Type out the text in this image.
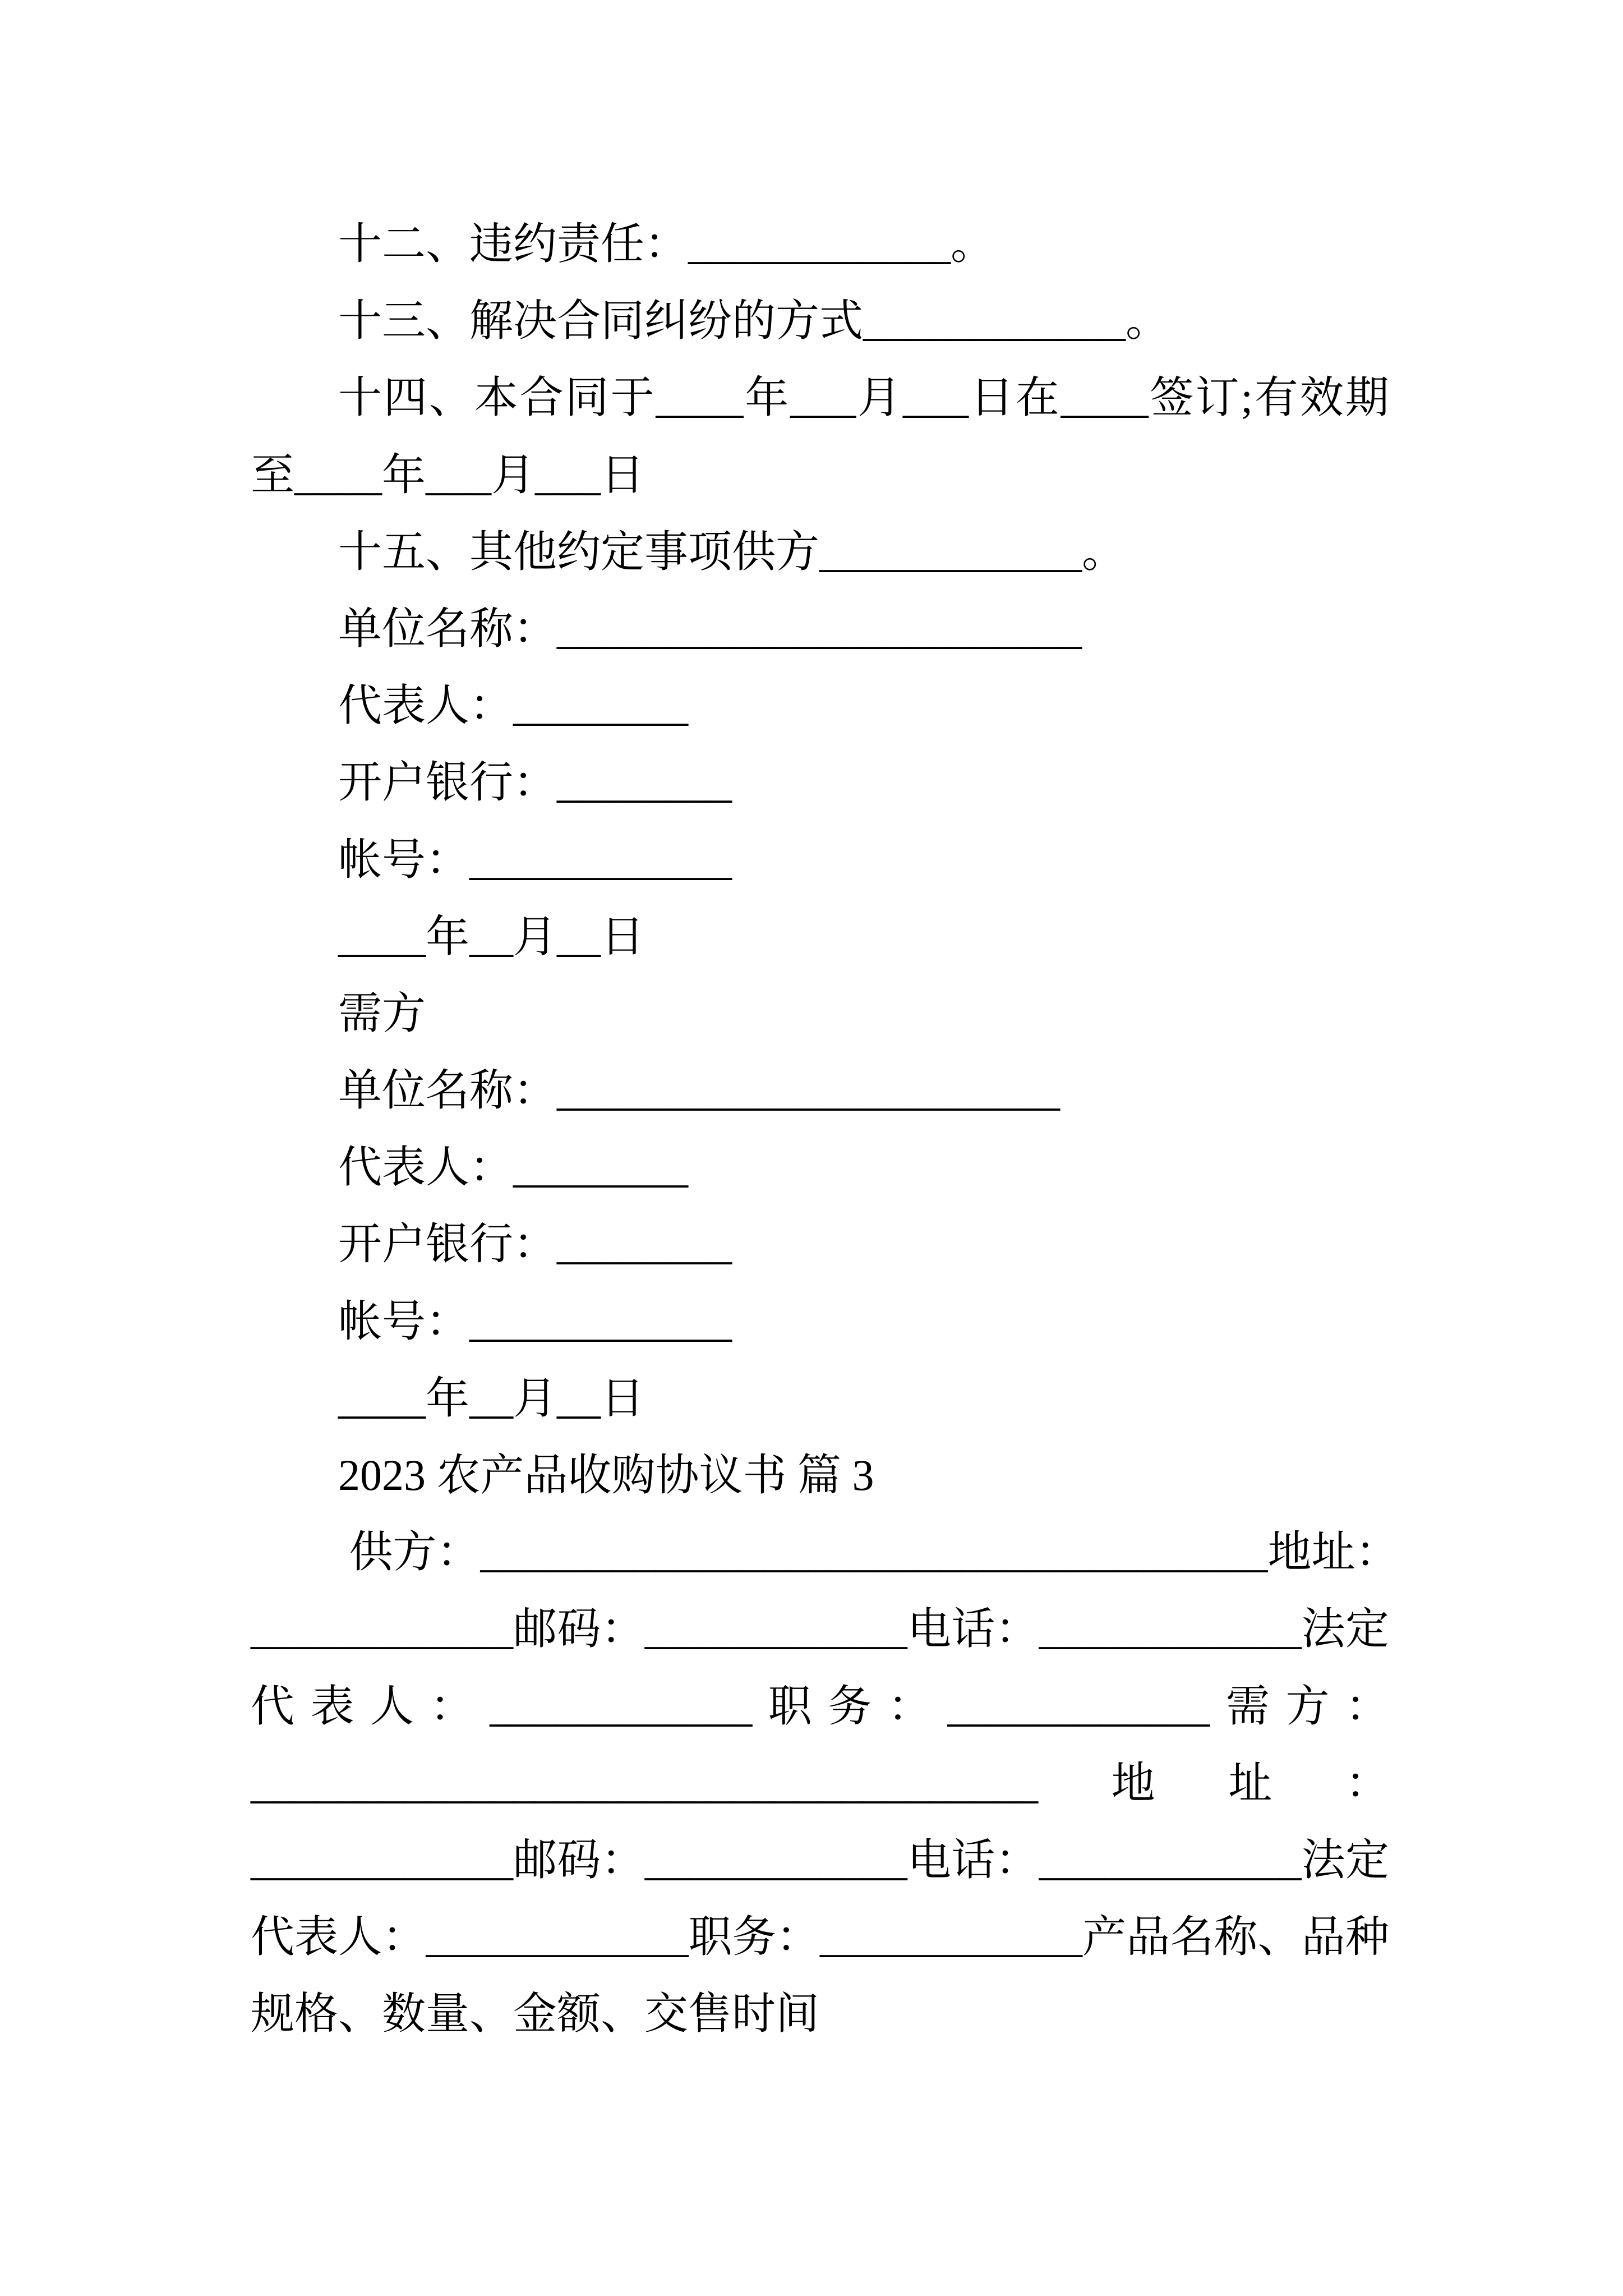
十二、违约责任：____________。
十三、解决合同纠纷的方式____________。
十 四 、 本 合 同 于 ____ 年 ___ 月 ___ 日 在 ____ 签 订 ; 有 效 期
至____年___月___日
十五、其他约定事项供方____________。
单位名称：________________________
代表人：________
开户银行：________
帐号：____________
____年__月__日
需方
单位名称：_______________________
代表人：________
开户银行：________
帐号：____________
____年__月__日
2023 农产品收购协议书 篇 3
供方：____________________________________地址：
____________ 邮 码 ： ____________ 电 话 ： ____________ 法 定
代 表 人 ： ____________ 职 务 ： ____________ 需 方 ：
____________________________________ 地 址 ：
____________ 邮 码 ： ____________ 电 话 ： ____________ 法 定
代 表 人 ： ____________ 职 务 ： ____________ 产 品 名 称 、 品 种
规格、数量、金额、交售时间
